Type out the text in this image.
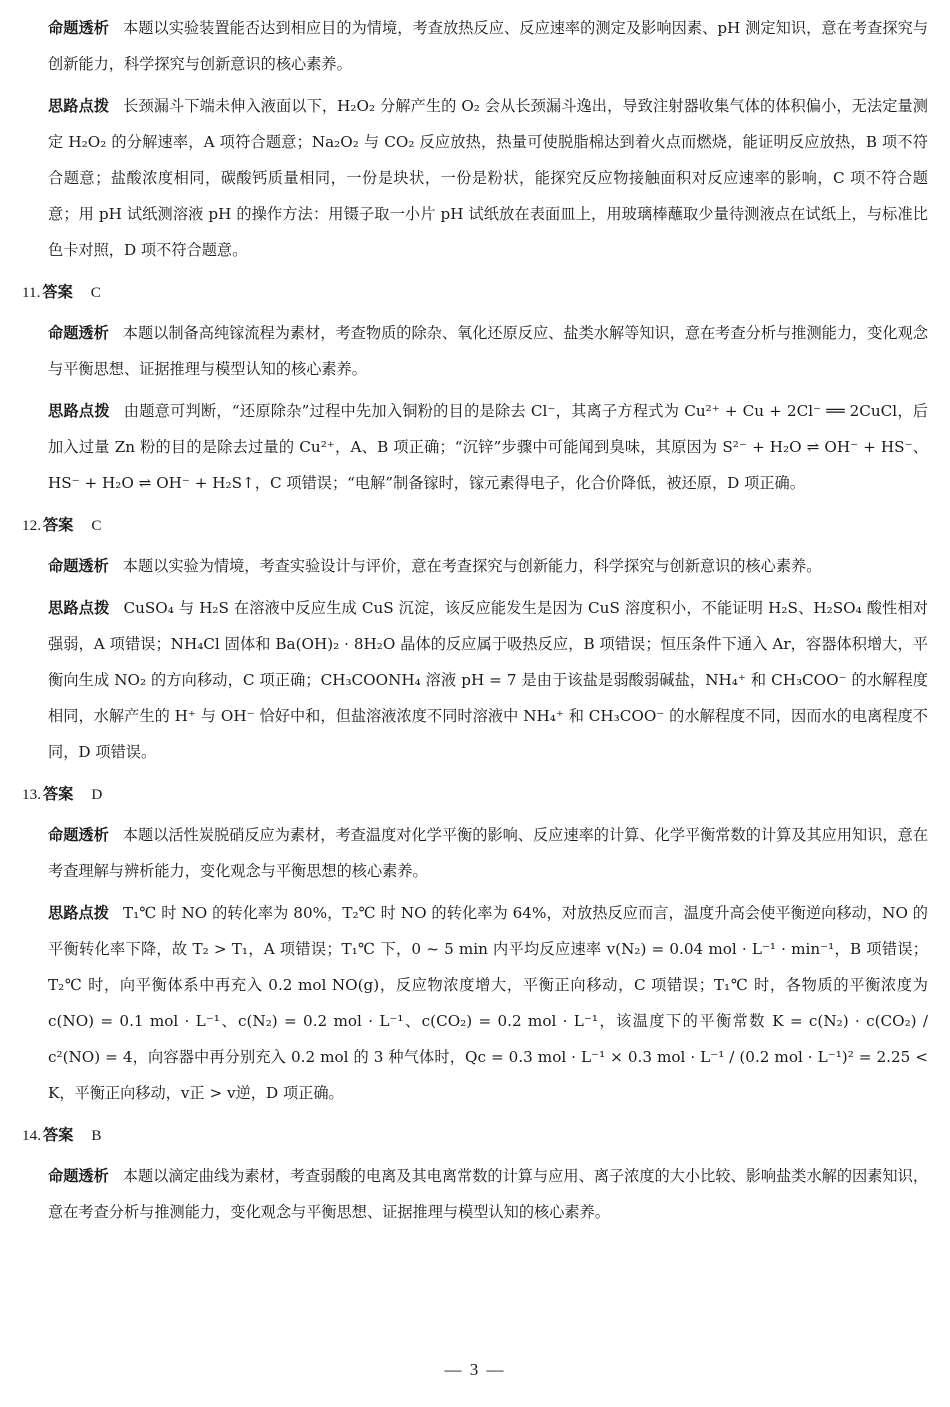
命题透析 本题以实验装置能否达到相应目的为情境，考查放热反应、反应速率的测定及影响因素、pH 测定知识，意在考查探究与创新能力，科学探究与创新意识的核心素养。

思路点拨 长颈漏斗下端未伸入液面以下，H₂O₂ 分解产生的 O₂ 会从长颈漏斗逸出，导致注射器收集气体的体积偏小，无法定量测定 H₂O₂ 的分解速率，A 项符合题意；Na₂O₂ 与 CO₂ 反应放热，热量可使脱脂棉达到着火点而燃烧，能证明反应放热，B 项不符合题意；盐酸浓度相同，碳酸钙质量相同，一份是块状，一份是粉状，能探究反应物接触面积对反应速率的影响，C 项不符合题意；用 pH 试纸测溶液 pH 的操作方法：用镊子取一小片 pH 试纸放在表面皿上，用玻璃棒蘸取少量待测液点在试纸上，与标准比色卡对照，D 项不符合题意。

11. 答案 C

命题透析 本题以制备高纯镓流程为素材，考查物质的除杂、氧化还原反应、盐类水解等知识，意在考查分析与推测能力，变化观念与平衡思想、证据推理与模型认知的核心素养。

思路点拨 由题意可判断，“还原除杂”过程中先加入铜粉的目的是除去 Cl⁻，其离子方程式为 Cu²⁺ + Cu + 2Cl⁻ ══ 2CuCl，后加入过量 Zn 粉的目的是除去过量的 Cu²⁺，A、B 项正确；“沉锌”步骤中可能闻到臭味，其原因为 S²⁻ + H₂O ⇌ OH⁻ + HS⁻、HS⁻ + H₂O ⇌ OH⁻ + H₂S↑，C 项错误；“电解”制备镓时，镓元素得电子，化合价降低，被还原，D 项正确。

12. 答案 C

命题透析 本题以实验为情境，考查实验设计与评价，意在考查探究与创新能力，科学探究与创新意识的核心素养。

思路点拨 CuSO₄ 与 H₂S 在溶液中反应生成 CuS 沉淀，该反应能发生是因为 CuS 溶度积小，不能证明 H₂S、H₂SO₄ 酸性相对强弱，A 项错误；NH₄Cl 固体和 Ba(OH)₂ · 8H₂O 晶体的反应属于吸热反应，B 项错误；恒压条件下通入 Ar，容器体积增大，平衡向生成 NO₂ 的方向移动，C 项正确；CH₃COONH₄ 溶液 pH = 7 是由于该盐是弱酸弱碱盐，NH₄⁺ 和 CH₃COO⁻ 的水解程度相同，水解产生的 H⁺ 与 OH⁻ 恰好中和，但盐溶液浓度不同时溶液中 NH₄⁺ 和 CH₃COO⁻ 的水解程度不同，因而水的电离程度不同，D 项错误。

13. 答案 D

命题透析 本题以活性炭脱硝反应为素材，考查温度对化学平衡的影响、反应速率的计算、化学平衡常数的计算及其应用知识，意在考查理解与辨析能力，变化观念与平衡思想的核心素养。

思路点拨 T₁℃ 时 NO 的转化率为 80%，T₂℃ 时 NO 的转化率为 64%，对放热反应而言，温度升高会使平衡逆向移动，NO 的平衡转化率下降，故 T₂ > T₁，A 项错误；T₁℃ 下，0 ~ 5 min 内平均反应速率 v(N₂) = 0.04 mol · L⁻¹ · min⁻¹，B 项错误；T₂℃ 时，向平衡体系中再充入 0.2 mol NO(g)，反应物浓度增大，平衡正向移动，C 项错误；T₁℃ 时，各物质的平衡浓度为 c(NO) = 0.1 mol · L⁻¹、c(N₂) = 0.2 mol · L⁻¹、c(CO₂) = 0.2 mol · L⁻¹，该温度下的平衡常数 K = c(N₂) · c(CO₂) / c²(NO) = 4，向容器中再分别充入 0.2 mol 的 3 种气体时，Qc = 0.3 mol · L⁻¹ × 0.3 mol · L⁻¹ / (0.2 mol · L⁻¹)² = 2.25 < K，平衡正向移动，v正 > v逆，D 项正确。

14. 答案 B

命题透析 本题以滴定曲线为素材，考查弱酸的电离及其电离常数的计算与应用、离子浓度的大小比较、影响盐类水解的因素知识，意在考查分析与推测能力，变化观念与平衡思想、证据推理与模型认知的核心素养。

— 3 —
